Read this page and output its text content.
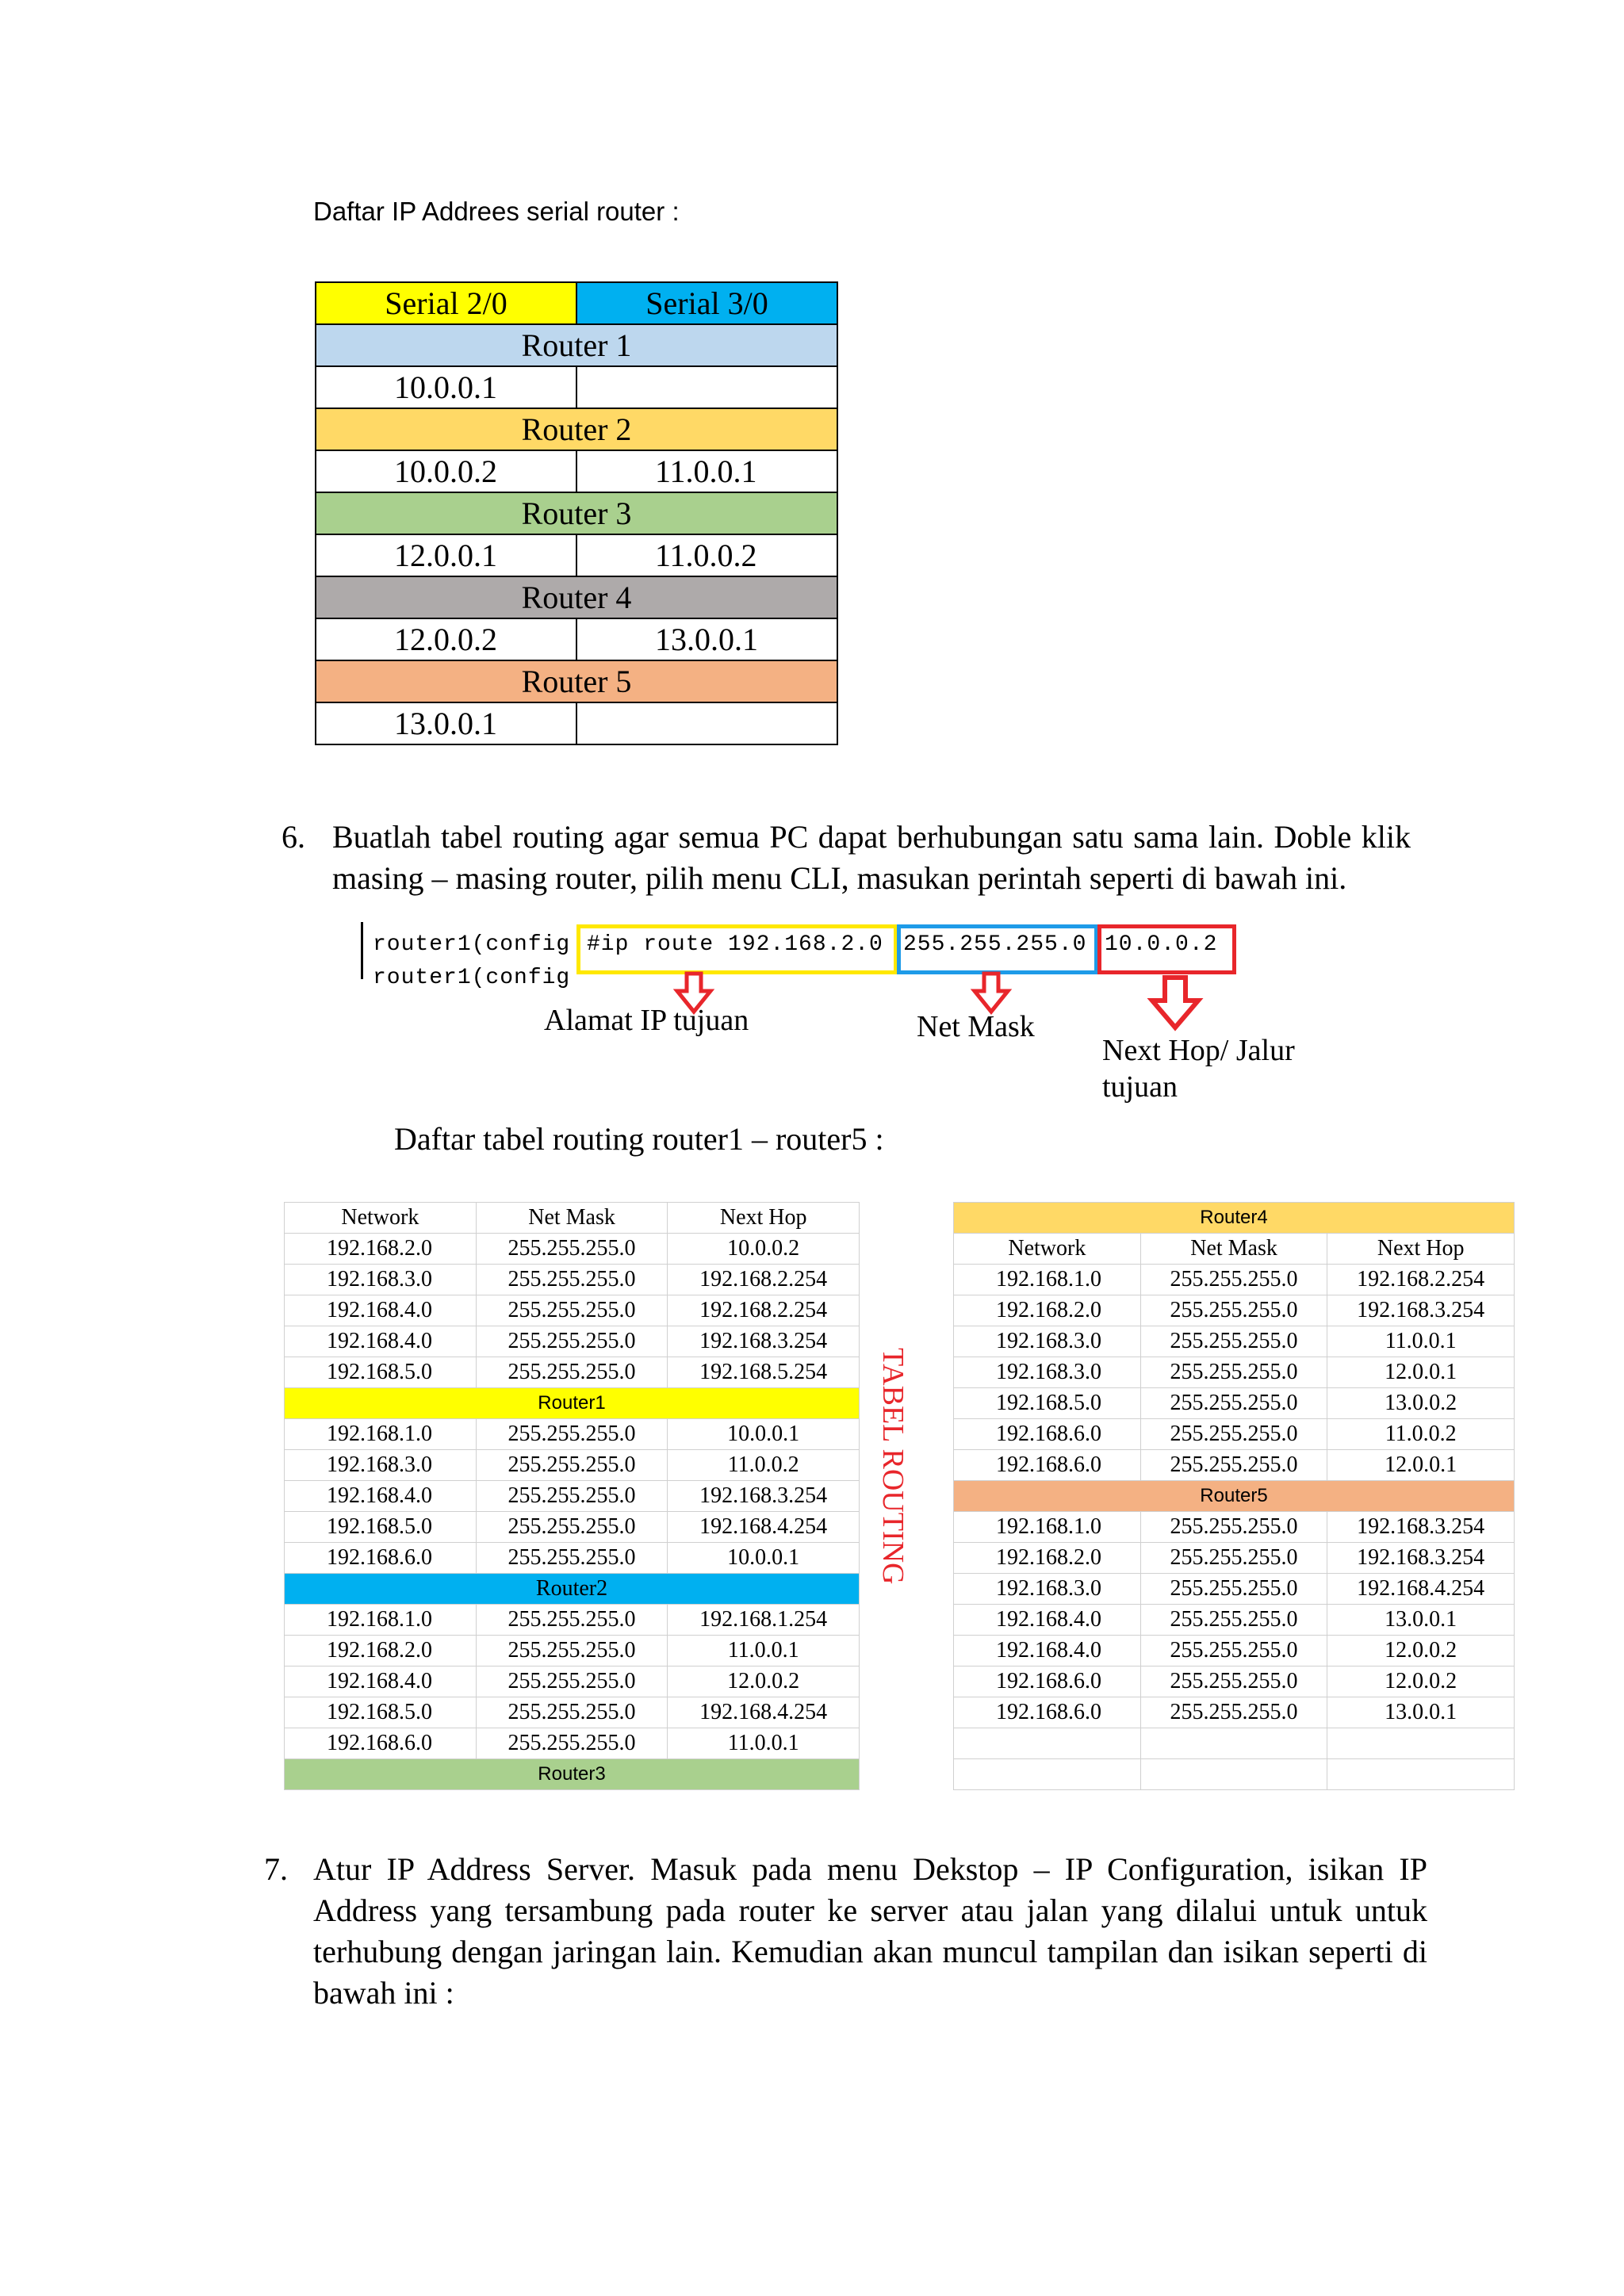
Daftar IP Addrees serial router :
Serial 2/0	Serial 3/0
Router 1	
10.0.0.1	
Router 2	
10.0.0.2	11.0.0.1
Router 3	
12.0.0.1	11.0.0.2
Router 4	
12.0.0.2	13.0.0.1
Router 5	
13.0.0.1	
6. Buatlah tabel routing agar semua PC dapat berhubungan satu sama lain. Doble klik masing – masing router, pilih menu CLI, masukan perintah seperti di bawah ini.
router1(config #ip route 192.168.2.0 255.255.255.0 10.0.0.2
router1(config
Alamat IP tujuan	Net Mask
Next Hop/ Jalur
tujuan
Daftar tabel routing router1 – router5 :
Network	Net Mask	Next Hop
192.168.2.0	255.255.255.0	10.0.0.2
192.168.3.0	255.255.255.0	192.168.2.254
192.168.4.0	255.255.255.0	192.168.2.254
192.168.4.0	255.255.255.0	192.168.3.254
192.168.5.0	255.255.255.0	192.168.5.254
Router1		
192.168.1.0	255.255.255.0	10.0.0.1
192.168.3.0	255.255.255.0	11.0.0.2
192.168.4.0	255.255.255.0	192.168.3.254
192.168.5.0	255.255.255.0	192.168.4.254
192.168.6.0	255.255.255.0	10.0.0.1
Router2		
192.168.1.0	255.255.255.0	192.168.1.254
192.168.2.0	255.255.255.0	11.0.0.1
192.168.4.0	255.255.255.0	12.0.0.2
192.168.5.0	255.255.255.0	192.168.4.254
192.168.6.0	255.255.255.0	11.0.0.1
Router3		
TABEL ROUTING
Router4		
Network	Net Mask	Next Hop
192.168.1.0	255.255.255.0	192.168.2.254
192.168.2.0	255.255.255.0	192.168.3.254
192.168.3.0	255.255.255.0	11.0.0.1
192.168.3.0	255.255.255.0	12.0.0.1
192.168.5.0	255.255.255.0	13.0.0.2
192.168.6.0	255.255.255.0	11.0.0.2
192.168.6.0	255.255.255.0	12.0.0.1
Router5		
192.168.1.0	255.255.255.0	192.168.3.254
192.168.2.0	255.255.255.0	192.168.3.254
192.168.3.0	255.255.255.0	192.168.4.254
192.168.4.0	255.255.255.0	13.0.0.1
192.168.4.0	255.255.255.0	12.0.0.2
192.168.6.0	255.255.255.0	12.0.0.2
192.168.6.0	255.255.255.0	13.0.0.1

7. Atur IP Address Server. Masuk pada menu Dekstop – IP Configuration, isikan IP Address yang tersambung pada router ke server atau jalan yang dilalui untuk untuk terhubung dengan jaringan lain. Kemudian akan muncul tampilan dan isikan seperti di bawah ini :
